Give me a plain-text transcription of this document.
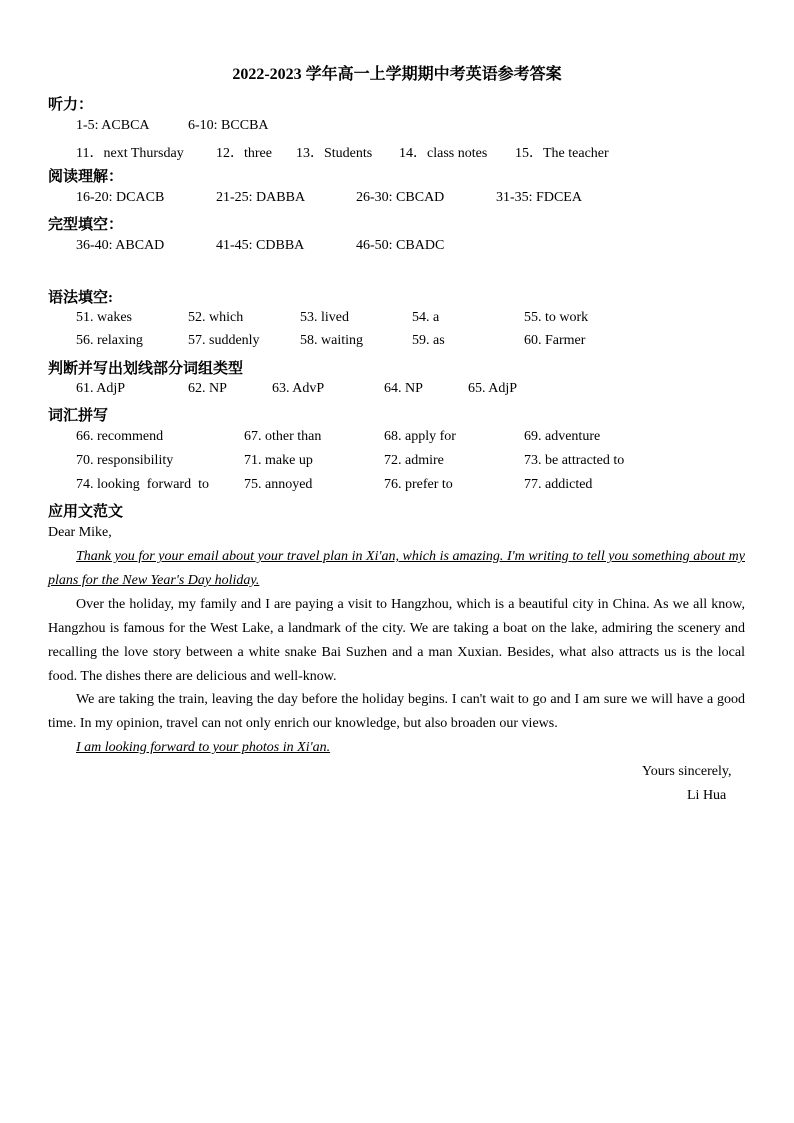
2022-2023 学年高一上学期期中考英语参考答案
听力：
1-5: ACBCA	6-10: BCCBA
11．next Thursday 12．three 13．Students 14．class notes 15．The teacher
阅读理解：
16-20: DCACB	21-25: DABBA	26-30: CBCAD	31-35: FDCEA
完型填空：
36-40: ABCAD	41-45: CDBBA	46-50: CBADC
语法填空:
51. wakes	52. which	53. lived	54. a	55. to work
56. relaxing	57. suddenly	58. waiting	59. as	60. Farmer
判断并写出划线部分词组类型
61. AdjP	62. NP	63. AdvP	64. NP	65. AdjP
词汇拼写
66. recommend	67. other than	68. apply for	69. adventure
70. responsibility	71. make up	72. admire	73. be attracted to
74. looking  forward  to	75. annoyed	76. prefer to	77. addicted
应用文范文
Dear Mike,
Thank you for your email about your travel plan in Xi'an, which is amazing. I'm writing to tell you something about my plans for the New Year's Day holiday.
Over the holiday, my family and I are paying a visit to Hangzhou, which is a beautiful city in China. As we all know, Hangzhou is famous for the West Lake, a landmark of the city. We are taking a boat on the lake, admiring the scenery and recalling the love story between a white snake Bai Suzhen and a man Xuxian. Besides, what also attracts us is the local food. The dishes there are delicious and well-know.
We are taking the train, leaving the day before the holiday begins. I can't wait to go and I am sure we will have a good time. In my opinion, travel can not only enrich our knowledge, but also broaden our views.
I am looking forward to your photos in Xi'an.
Yours sincerely,
Li Hua
